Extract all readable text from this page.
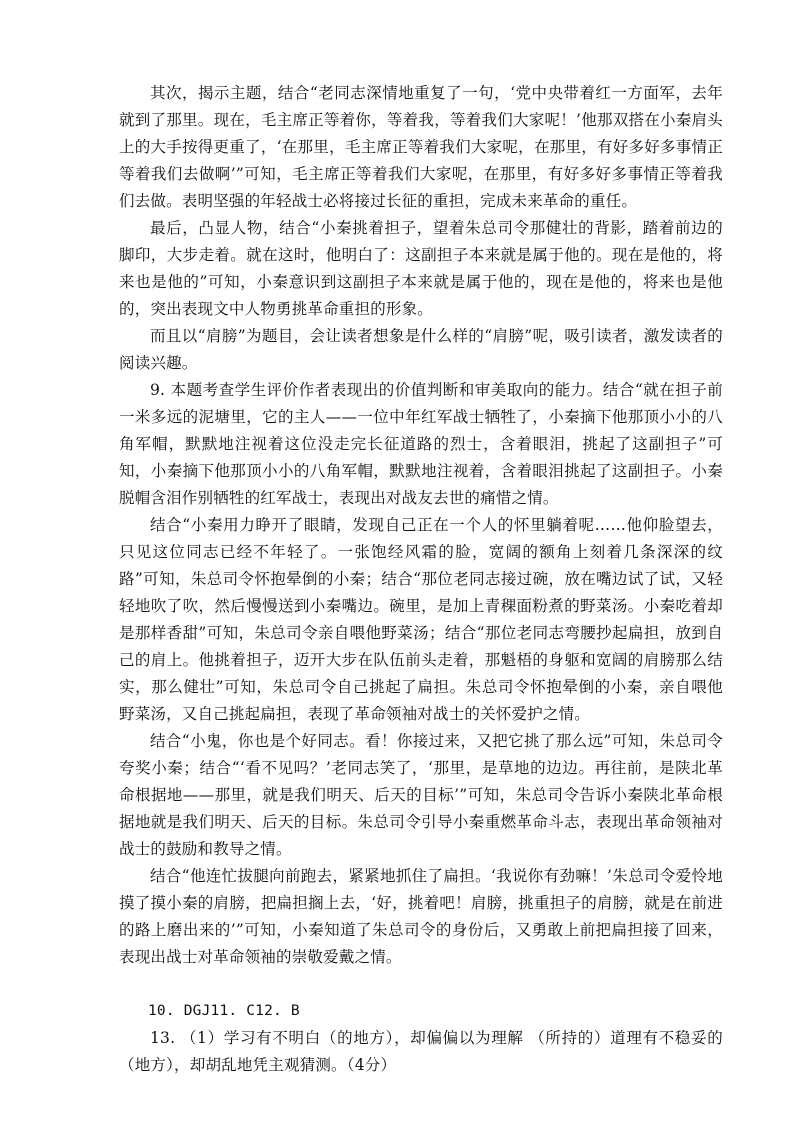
其次，揭示主题，结合“老同志深情地重复了一句，‘党中央带着红一方面军，去年就到了那里。现在，毛主席正等着你，等着我，等着我们大家呢！’他那双搭在小秦肩头上的大手按得更重了，‘在那里，毛主席正等着我们大家呢，在那里，有好多好多事情正等着我们去做啊’”可知，毛主席正等着我们大家呢，在那里，有好多好多事情正等着我们去做。表明坚强的年轻战士必将接过长征的重担，完成未来革命的重任。

最后，凸显人物，结合“小秦挑着担子，望着朱总司令那健壮的背影，踏着前边的脚印，大步走着。就在这时，他明白了：这副担子本来就是属于他的。现在是他的，将来也是他的”可知，小秦意识到这副担子本来就是属于他的，现在是他的，将来也是他的，突出表现文中人物勇挑革命重担的形象。

而且以“肩膀”为题目，会让读者想象是什么样的“肩膀”呢，吸引读者，激发读者的阅读兴趣。

9. 本题考查学生评价作者表现出的价值判断和审美取向的能力。结合“就在担子前一米多远的泥塘里，它的主人——一位中年红军战士牺牲了，小秦摘下他那顶小小的八角军帽，默默地注视着这位没走完长征道路的烈士，含着眼泪，挑起了这副担子”可知，小秦摘下他那顶小小的八角军帽，默默地注视着，含着眼泪挑起了这副担子。小秦脱帽含泪作别牺牲的红军战士，表现出对战友去世的痛惜之情。

结合“小秦用力睁开了眼睛，发现自己正在一个人的怀里躺着呢……他仰脸望去，只见这位同志已经不年轻了。一张饱经风霜的脸，宽阔的额角上刻着几条深深的纹路”可知，朱总司令怀抱晕倒的小秦；结合“那位老同志接过碗，放在嘴边试了试，又轻轻地吹了吹，然后慢慢送到小秦嘴边。碗里，是加上青稞面粉煮的野菜汤。小秦吃着却是那样香甜”可知，朱总司令亲自喂他野菜汤；结合“那位老同志弯腰抄起扁担，放到自己的肩上。他挑着担子，迈开大步在队伍前头走着，那魁梧的身躯和宽阔的肩膀那么结实，那么健壮”可知，朱总司令自己挑起了扁担。朱总司令怀抱晕倒的小秦，亲自喂他野菜汤，又自己挑起扁担，表现了革命领袖对战士的关怀爱护之情。

结合“小鬼，你也是个好同志。看！你接过来，又把它挑了那么远”可知，朱总司令夸奖小秦；结合“‘看不见吗？’老同志笑了，‘那里，是草地的边边。再往前，是陕北革命根据地——那里，就是我们明天、后天的目标’”可知，朱总司令告诉小秦陕北革命根据地就是我们明天、后天的目标。朱总司令引导小秦重燃革命斗志，表现出革命领袖对战士的鼓励和教导之情。

结合“他连忙拔腿向前跑去，紧紧地抓住了扁担。‘我说你有劲嘛！’朱总司令爱怜地摸了摸小秦的肩膀，把扁担搁上去，‘好，挑着吧！肩膀，挑重担子的肩膀，就是在前进的路上磨出来的’”可知，小秦知道了朱总司令的身份后，又勇敢上前把扁担接了回来，表现出战士对革命领袖的崇敬爱戴之情。

10. DGJ11. C12. B

13. （1）学习有不明白（的地方），却偏偏以为理解 （所持的）道理有不稳妥的（地方），却胡乱地凭主观猜测。（4分）
